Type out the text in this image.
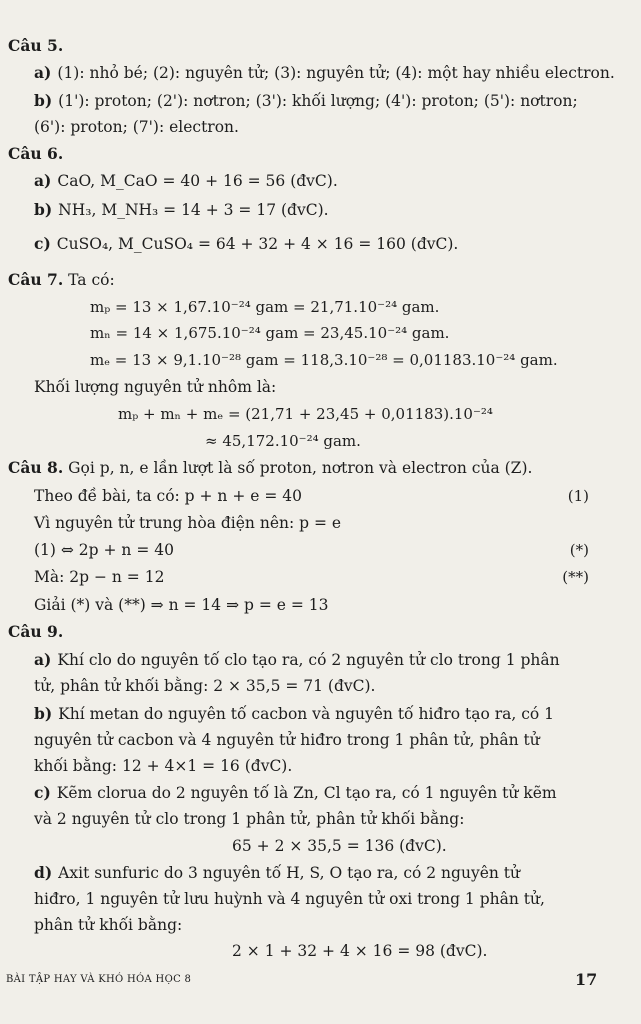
Câu 5.
a) (1): nhỏ bé; (2): nguyên tử; (3): nguyên tử; (4): một hay nhiều electron.
b) (1'): proton; (2'): nơtron; (3'): khối lượng; (4'): proton; (5'): nơtron;
(6'): proton; (7'): electron.
Câu 6.
a) CaO, M_CaO = 40 + 16 = 56 (đvC).
b) NH₃, M_NH₃ = 14 + 3 = 17 (đvC).
c) CuSO₄, M_CuSO₄ = 64 + 32 + 4 × 16 = 160 (đvC).
Câu 7. Ta có:
mₚ = 13 × 1,67.10⁻²⁴ gam = 21,71.10⁻²⁴ gam.
mₙ = 14 × 1,675.10⁻²⁴ gam = 23,45.10⁻²⁴ gam.
mₑ = 13 × 9,1.10⁻²⁸ gam = 118,3.10⁻²⁸ = 0,01183.10⁻²⁴ gam.
Khối lượng nguyên tử nhôm là:
mₚ + mₙ + mₑ = (21,71 + 23,45 + 0,01183).10⁻²⁴
≈ 45,172.10⁻²⁴ gam.
Câu 8. Gọi p, n, e lần lượt là số proton, nơtron và electron của (Z).
Theo đề bài, ta có: p + n + e = 40	(1)
Vì nguyên tử trung hòa điện nên: p = e
(1) ⇔ 2p + n = 40	(*)
Mà: 2p − n = 12	(**)
Giải (*) và (**) ⇒ n = 14 ⇒ p = e = 13
Câu 9.
a) Khí clo do nguyên tố clo tạo ra, có 2 nguyên tử clo trong 1 phân
tử, phân tử khối bằng: 2 × 35,5 = 71 (đvC).
b) Khí metan do nguyên tố cacbon và nguyên tố hiđro tạo ra, có 1
nguyên tử cacbon và 4 nguyên tử hiđro trong 1 phân tử, phân tử
khối bằng: 12 + 4×1 = 16 (đvC).
c) Kẽm clorua do 2 nguyên tố là Zn, Cl tạo ra, có 1 nguyên tử kẽm
và 2 nguyên tử clo trong 1 phân tử, phân tử khối bằng:
65 + 2 × 35,5 = 136 (đvC).
d) Axit sunfuric do 3 nguyên tố H, S, O tạo ra, có 2 nguyên tử
hiđro, 1 nguyên tử lưu huỳnh và 4 nguyên tử oxi trong 1 phân tử,
phân tử khối bằng:
2 × 1 + 32 + 4 × 16 = 98 (đvC).
BÀI TẬP HAY VÀ KHÓ HÓA HỌC 8	17
